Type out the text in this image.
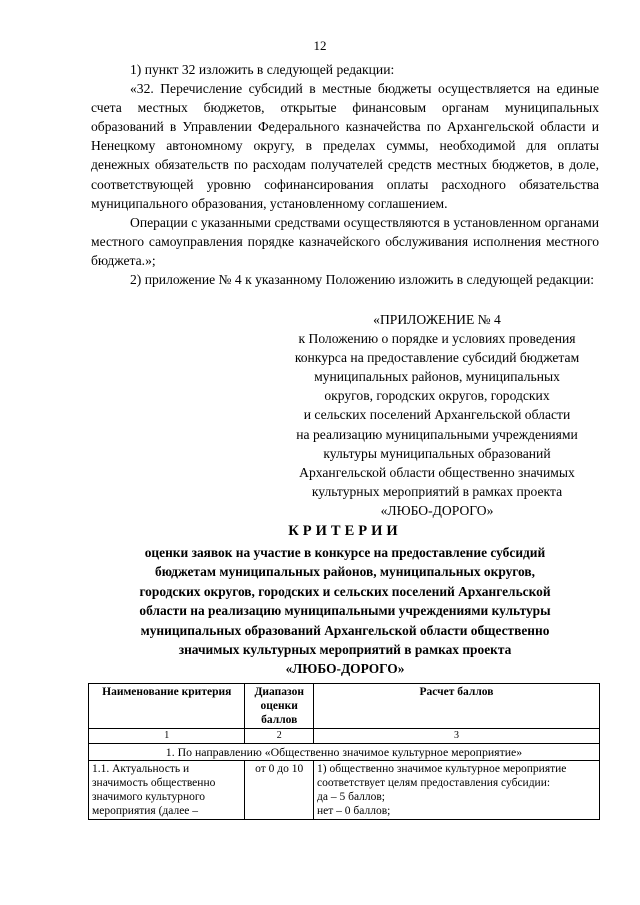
12

1) пункт 32 изложить в следующей редакции:

«32. Перечисление субсидий в местные бюджеты осуществляется на единые счета местных бюджетов, открытые финансовым органам муниципальных образований в Управлении Федерального казначейства по Архангельской области и Ненецкому автономному округу, в пределах суммы, необходимой для оплаты денежных обязательств по расходам получателей средств местных бюджетов, в доле, соответствующей уровню софинансирования оплаты расходного обязательства муниципального образования, установленному соглашением.

Операции с указанными средствами осуществляются в установленном органами местного самоуправления порядке казначейского обслуживания исполнения местного бюджета.»;

2) приложение № 4 к указанному Положению изложить в следующей редакции:

«ПРИЛОЖЕНИЕ № 4
к Положению о порядке и условиях проведения
конкурса на предоставление субсидий бюджетам
муниципальных районов, муниципальных
округов, городских округов, городских
и сельских поселений Архангельской области
на реализацию муниципальными учреждениями
культуры муниципальных образований
Архангельской области общественно значимых
культурных мероприятий в рамках проекта
«ЛЮБО-ДОРОГО»
КРИТЕРИИ
оценки заявок на участие в конкурсе на предоставление субсидий
бюджетам муниципальных районов, муниципальных округов,
городских округов, городских и сельских поселений Архангельской
области на реализацию муниципальными учреждениями культуры
муниципальных образований Архангельской области общественно
значимых культурных мероприятий в рамках проекта
«ЛЮБО-ДОРОГО»
Наименование критерия	Диапазон оценки баллов	Расчет баллов
1	2	3
1. По направлению «Общественно значимое культурное мероприятие»		
1.1. Актуальность и значимость общественно значимого культурного мероприятия (далее –	от 0 до 10	1) общественно значимое культурное мероприятие соответствует целям предоставления субсидии:
да – 5 баллов;
нет – 0 баллов;
